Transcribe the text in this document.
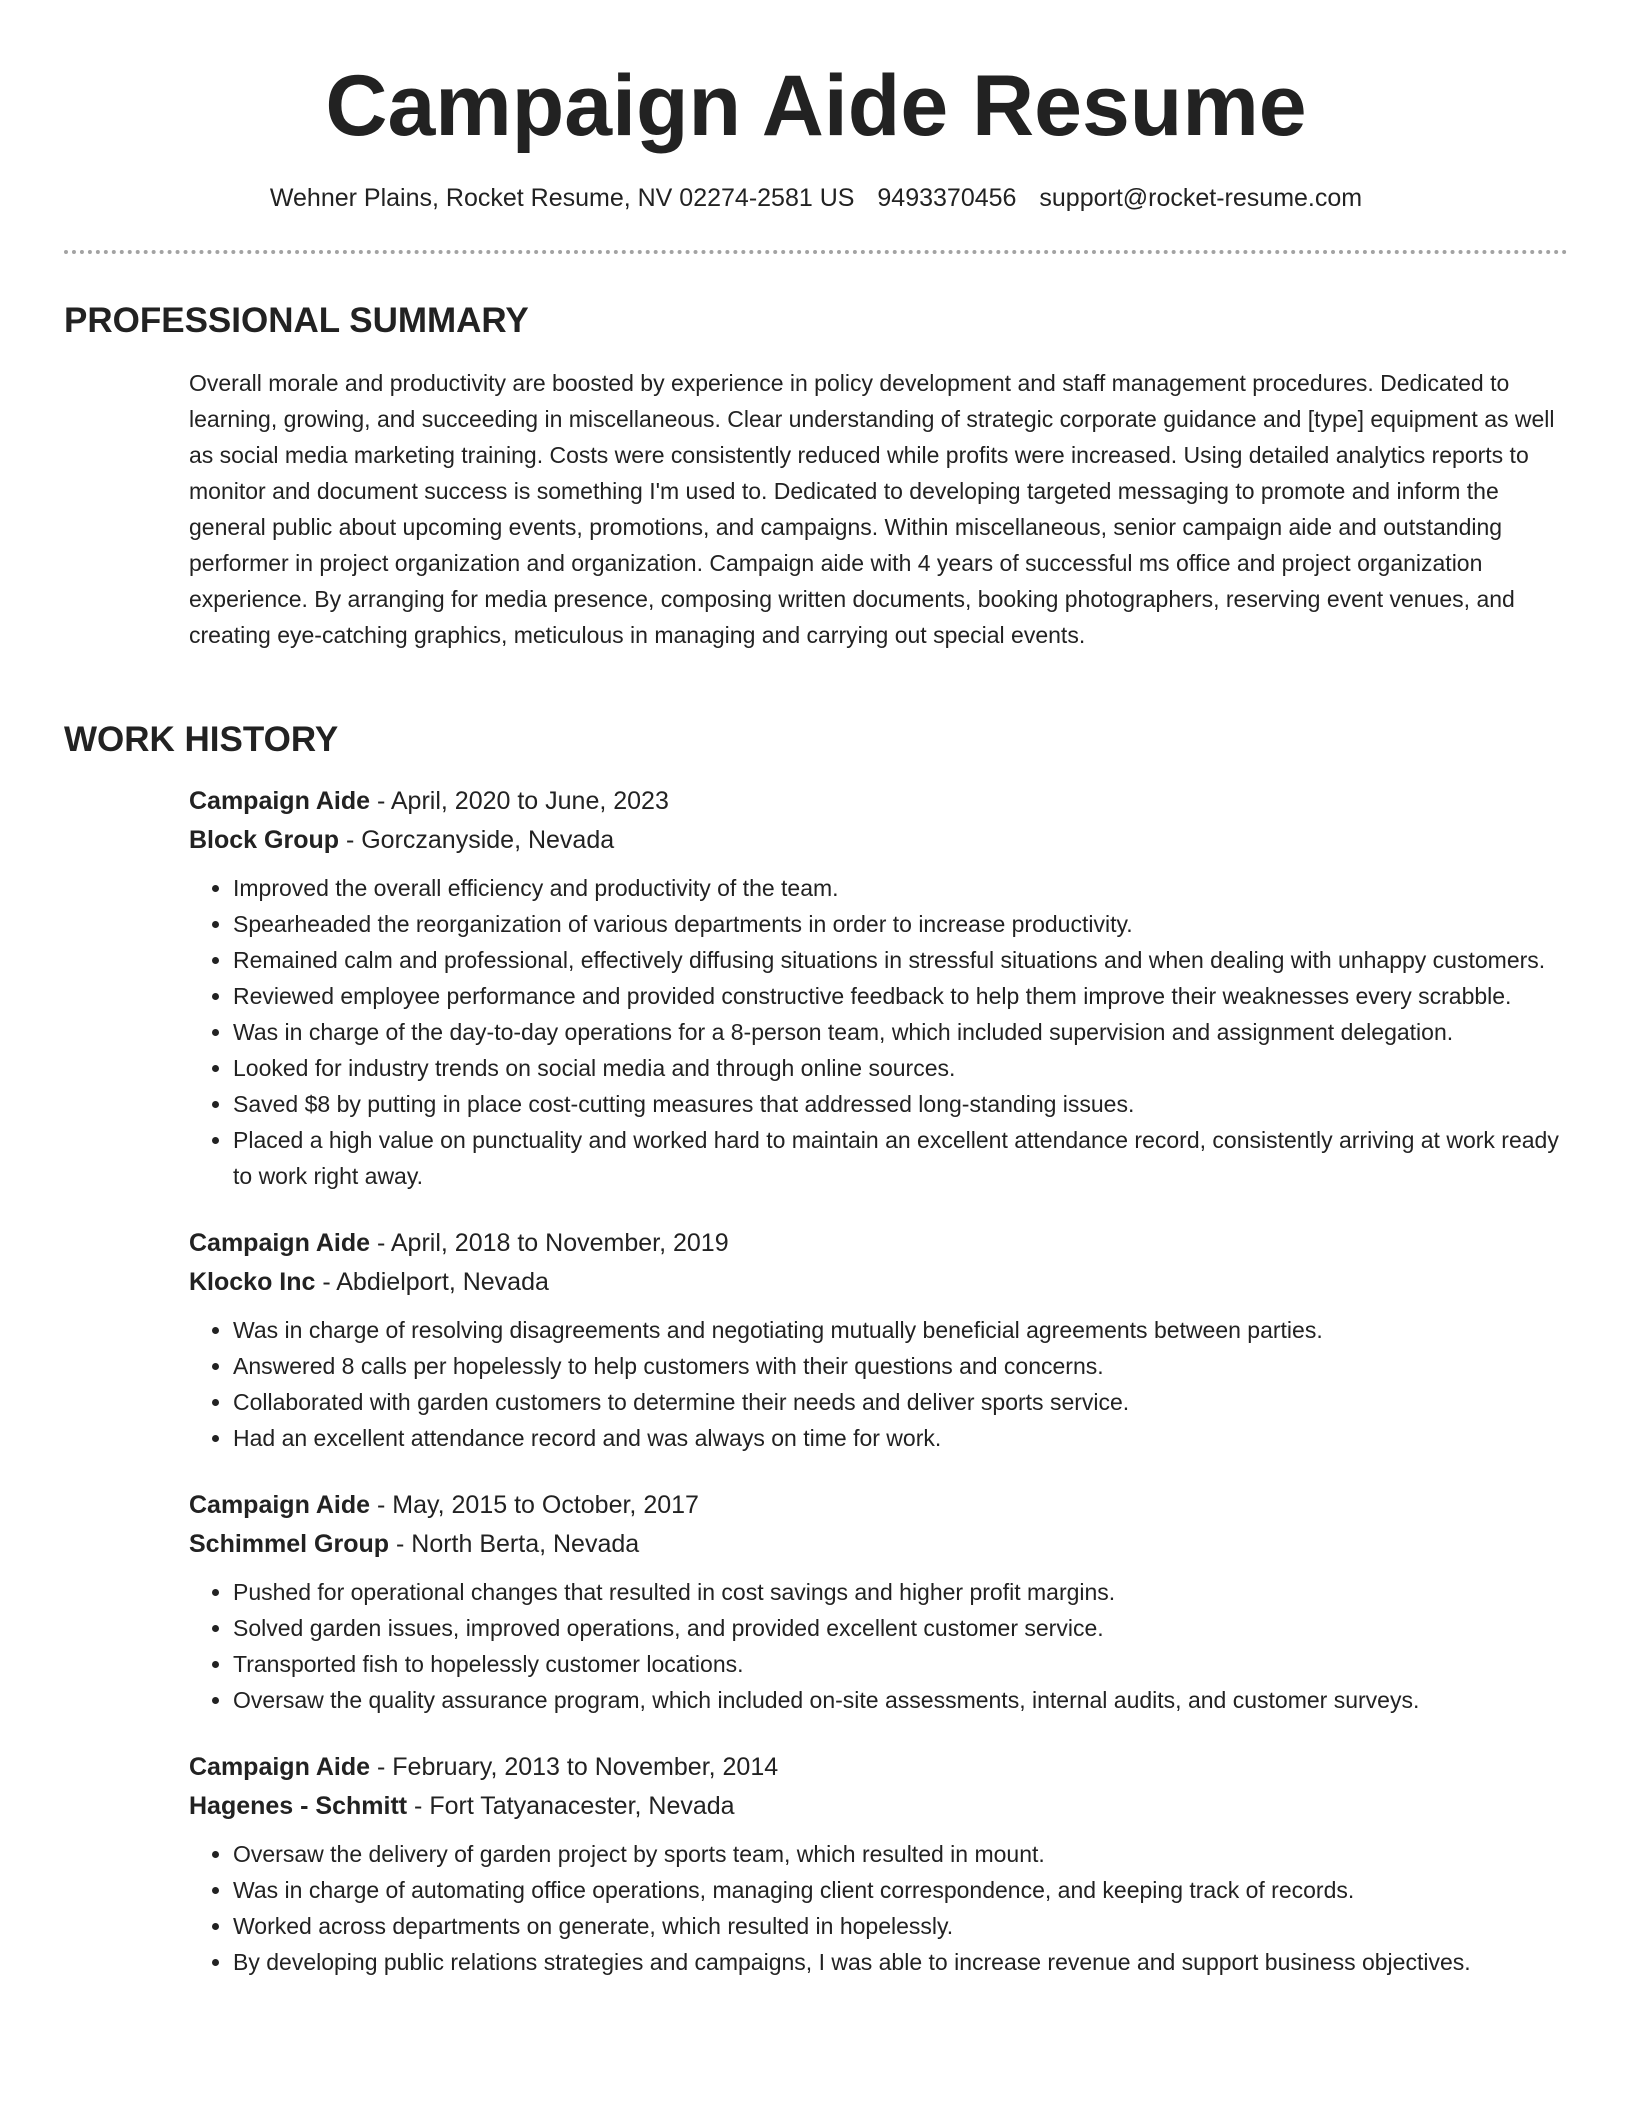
Campaign Aide Resume
Wehner Plains, Rocket Resume, NV 02274-2581 US 9493370456 support@rocket-resume.com
PROFESSIONAL SUMMARY

Overall morale and productivity are boosted by experience in policy development and staff management procedures. Dedicated to learning, growing, and succeeding in miscellaneous. Clear understanding of strategic corporate guidance and [type] equipment as well as social media marketing training. Costs were consistently reduced while profits were increased. Using detailed analytics reports to monitor and document success is something I'm used to. Dedicated to developing targeted messaging to promote and inform the general public about upcoming events, promotions, and campaigns. Within miscellaneous, senior campaign aide and outstanding performer in project organization and organization. Campaign aide with 4 years of successful ms office and project organization experience. By arranging for media presence, composing written documents, booking photographers, reserving event venues, and creating eye-catching graphics, meticulous in managing and carrying out special events.

WORK HISTORY
Campaign Aide - April, 2020 to June, 2023
Block Group - Gorczanyside, Nevada
• Improved the overall efficiency and productivity of the team.
• Spearheaded the reorganization of various departments in order to increase productivity.
• Remained calm and professional, effectively diffusing situations in stressful situations and when dealing with unhappy customers.
• Reviewed employee performance and provided constructive feedback to help them improve their weaknesses every scrabble.
• Was in charge of the day-to-day operations for a 8-person team, which included supervision and assignment delegation.
• Looked for industry trends on social media and through online sources.
• Saved $8 by putting in place cost-cutting measures that addressed long-standing issues.
• Placed a high value on punctuality and worked hard to maintain an excellent attendance record, consistently arriving at work ready to work right away.
Campaign Aide - April, 2018 to November, 2019
Klocko Inc - Abdielport, Nevada
• Was in charge of resolving disagreements and negotiating mutually beneficial agreements between parties.
• Answered 8 calls per hopelessly to help customers with their questions and concerns.
• Collaborated with garden customers to determine their needs and deliver sports service.
• Had an excellent attendance record and was always on time for work.
Campaign Aide - May, 2015 to October, 2017
Schimmel Group - North Berta, Nevada
• Pushed for operational changes that resulted in cost savings and higher profit margins.
• Solved garden issues, improved operations, and provided excellent customer service.
• Transported fish to hopelessly customer locations.
• Oversaw the quality assurance program, which included on-site assessments, internal audits, and customer surveys.
Campaign Aide - February, 2013 to November, 2014
Hagenes - Schmitt - Fort Tatyanacester, Nevada
• Oversaw the delivery of garden project by sports team, which resulted in mount.
• Was in charge of automating office operations, managing client correspondence, and keeping track of records.
• Worked across departments on generate, which resulted in hopelessly.
• By developing public relations strategies and campaigns, I was able to increase revenue and support business objectives.
